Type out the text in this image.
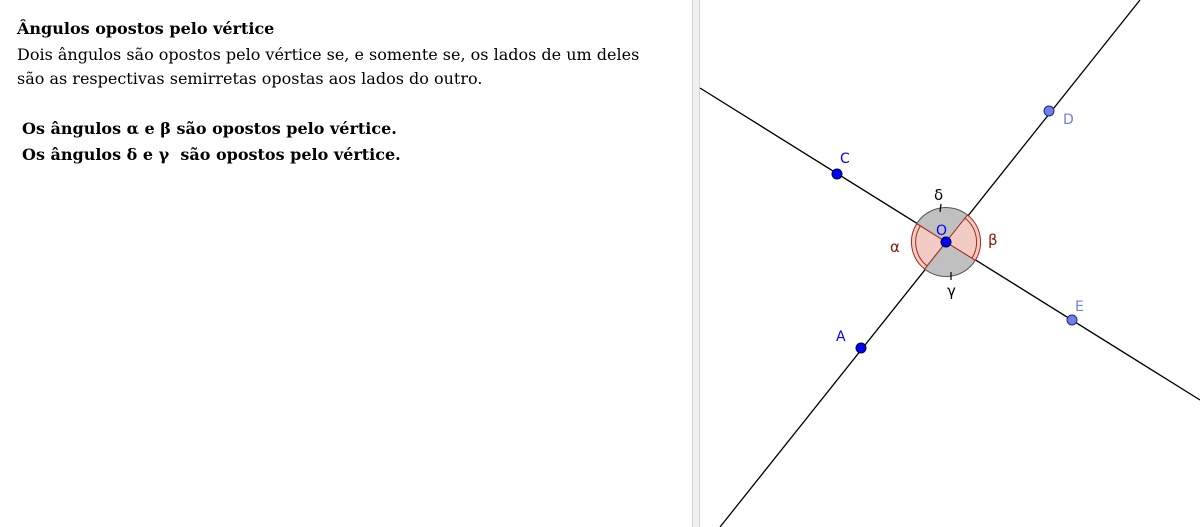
Ângulos opostos pelo vértice

Dois ângulos são opostos pelo vértice se, e somente se, os lados de um deles são as respectivas semirretas opostas aos lados do outro.

Os ângulos α e β são opostos pelo vértice.

Os ângulos δ e γ  são opostos pelo vértice.

O
A
C
D
E
α	β
δ
γ
